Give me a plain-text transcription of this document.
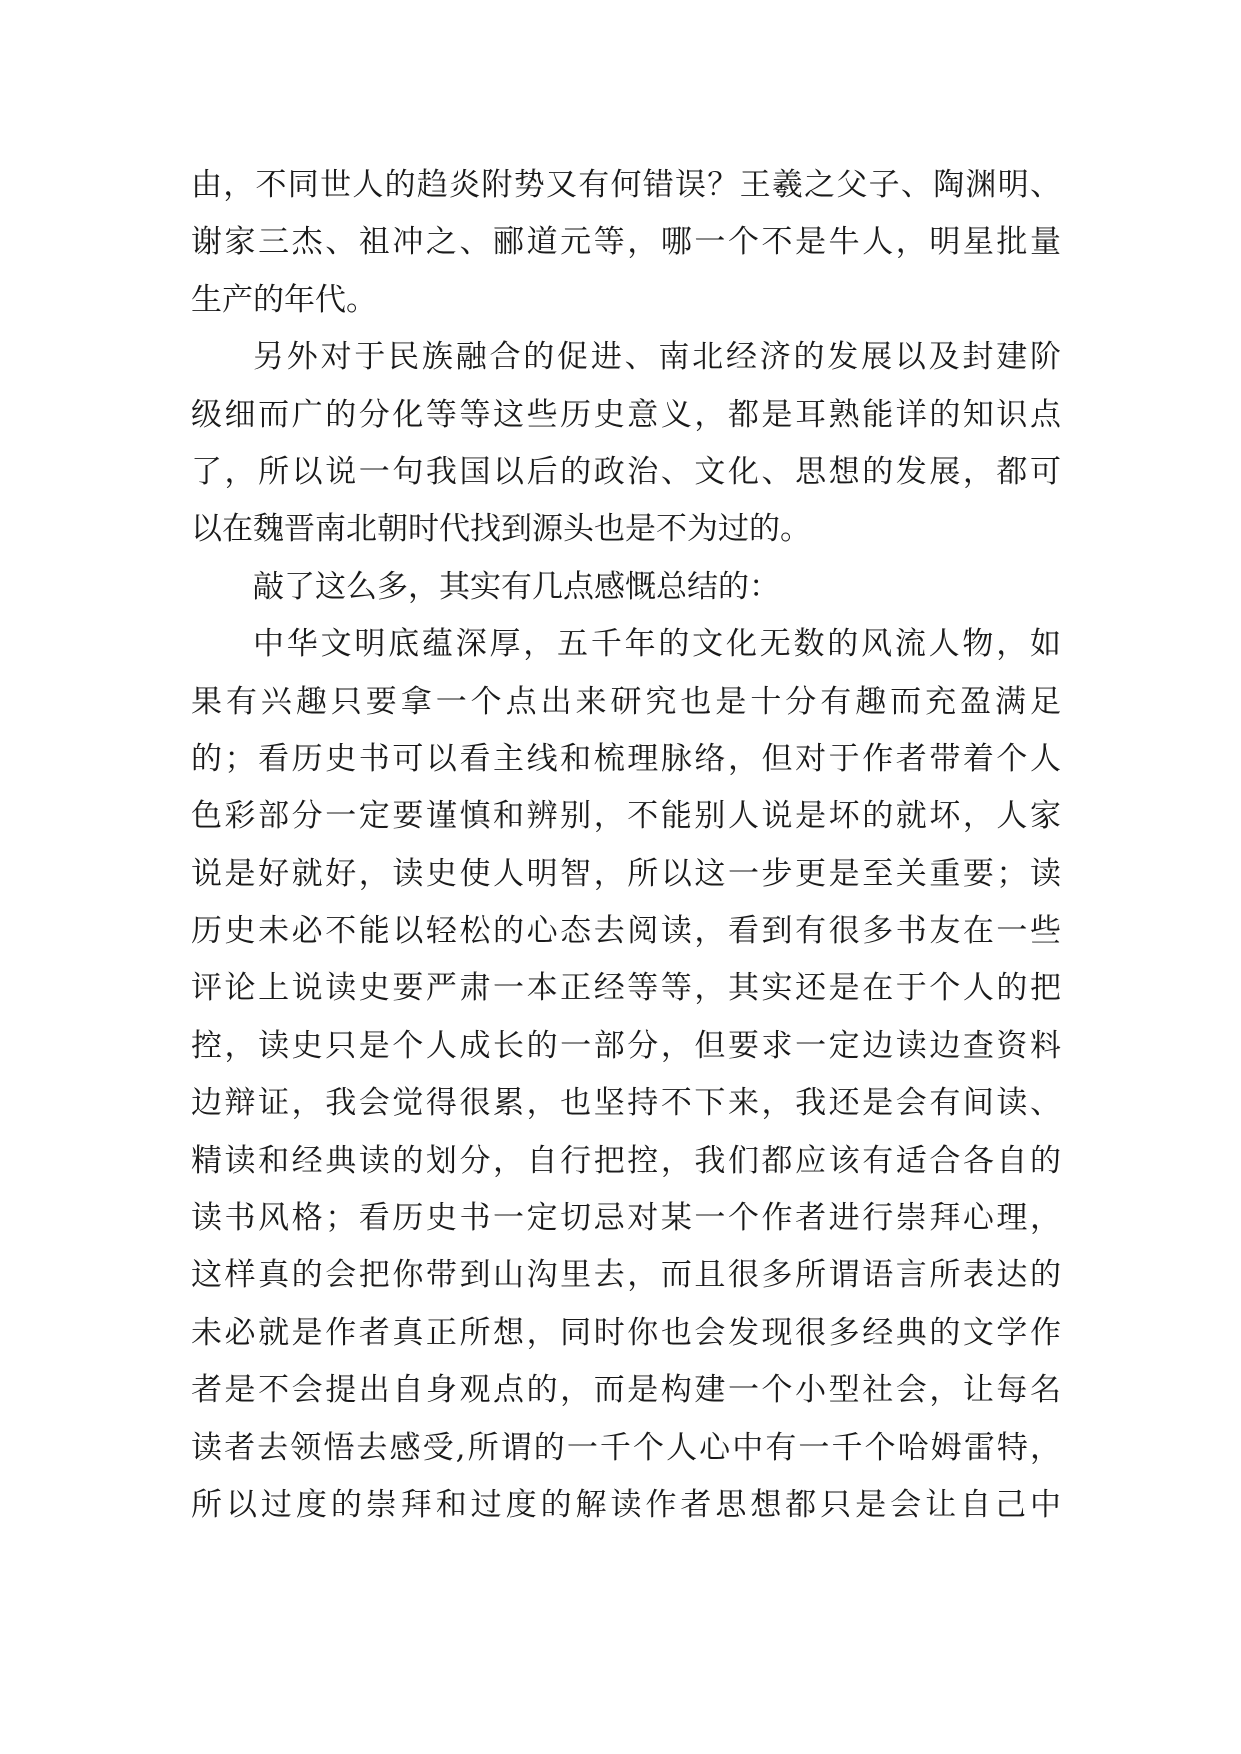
由，不同世人的趋炎附势又有何错误？王羲之父子、陶渊明、
谢家三杰、祖冲之、郦道元等，哪一个不是牛人，明星批量
生产的年代。
另外对于民族融合的促进、南北经济的发展以及封建阶
级细而广的分化等等这些历史意义，都是耳熟能详的知识点
了，所以说一句我国以后的政治、文化、思想的发展，都可
以在魏晋南北朝时代找到源头也是不为过的。
敲了这么多，其实有几点感慨总结的：
中华文明底蕴深厚，五千年的文化无数的风流人物，如
果有兴趣只要拿一个点出来研究也是十分有趣而充盈满足
的；看历史书可以看主线和梳理脉络，但对于作者带着个人
色彩部分一定要谨慎和辨别，不能别人说是坏的就坏，人家
说是好就好，读史使人明智，所以这一步更是至关重要；读
历史未必不能以轻松的心态去阅读，看到有很多书友在一些
评论上说读史要严肃一本正经等等，其实还是在于个人的把
控，读史只是个人成长的一部分，但要求一定边读边查资料
边辩证，我会觉得很累，也坚持不下来，我还是会有间读、
精读和经典读的划分，自行把控，我们都应该有适合各自的
读书风格；看历史书一定切忌对某一个作者进行崇拜心理，
这样真的会把你带到山沟里去，而且很多所谓语言所表达的
未必就是作者真正所想，同时你也会发现很多经典的文学作
者是不会提出自身观点的，而是构建一个小型社会，让每名
读者去领悟去感受,所谓的一千个人心中有一千个哈姆雷特，
所以过度的崇拜和过度的解读作者思想都只是会让自己中
